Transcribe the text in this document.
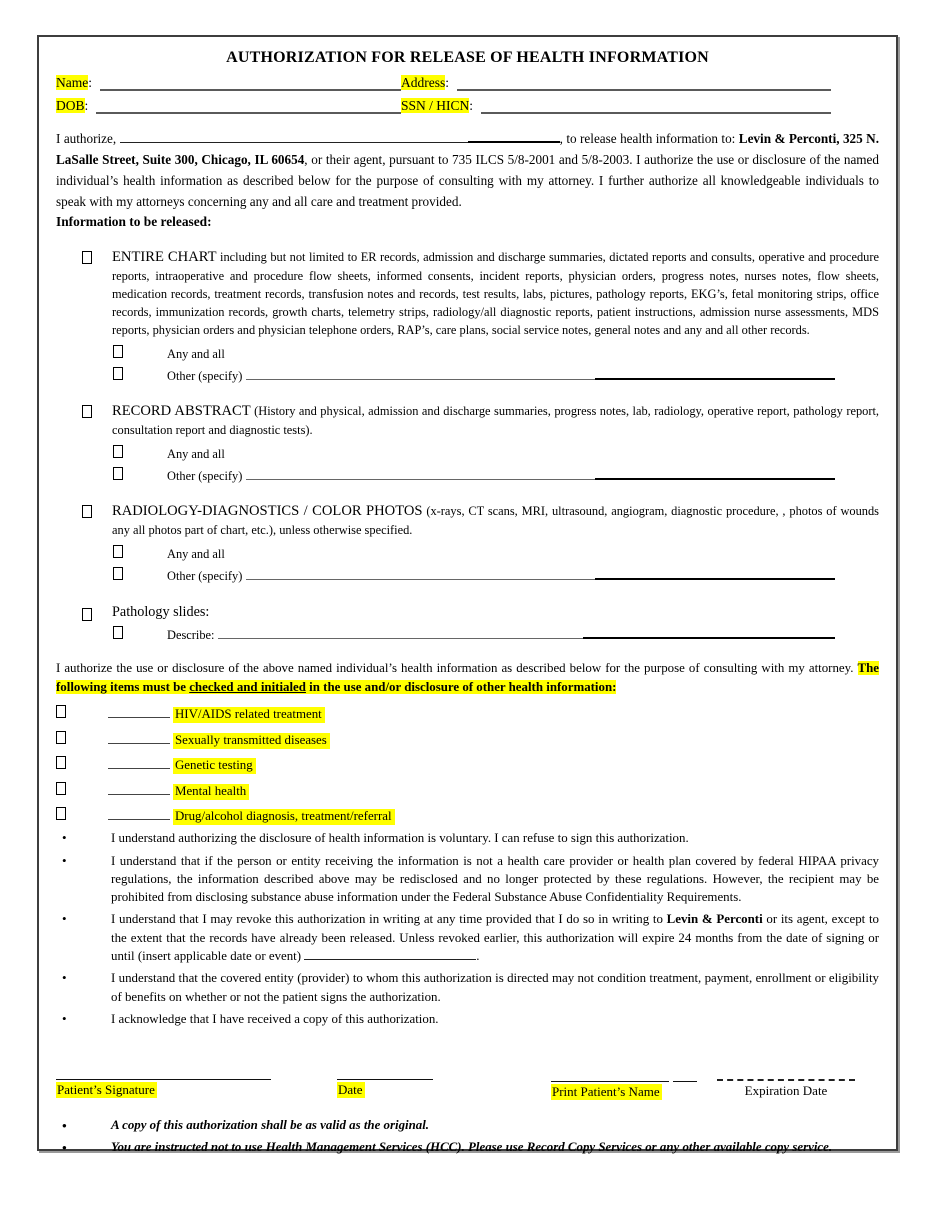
AUTHORIZATION FOR RELEASE OF HEALTH INFORMATION
Name:	Address:
DOB:	SSN / HICN:

I authorize,	, to release health information to: Levin & Perconti, 325 N. LaSalle Street, Suite 300, Chicago, IL 60654, or their agent, pursuant to 735 ILCS 5/8-2001 and 5/8-2003. I authorize the use or disclosure of the named individual’s health information as described below for the purpose of consulting with my attorney. I further authorize all knowledgeable individuals to speak with my attorneys concerning any and all care and treatment provided.

Information to be released:
ENTIRE CHART including but not limited to ER records, admission and discharge summaries, dictated reports and consults, operative and procedure reports, intraoperative and procedure flow sheets, informed consents, incident reports, physician orders, progress notes, nurses notes, flow sheets, medication records, treatment records, transfusion notes and records, test results, labs, pictures, pathology reports, EKG’s, fetal monitoring strips, office records, immunization records, growth charts, telemetry strips, radiology/all diagnostic reports, patient instructions, admission nurse assessments, MDS reports, physician orders and physician telephone orders, RAP’s, care plans, social service notes, general notes and any and all other records.
Any and all
Other (specify)
RECORD ABSTRACT (History and physical, admission and discharge summaries, progress notes, lab, radiology, operative report, pathology report, consultation report and diagnostic tests).
Any and all
Other (specify)
RADIOLOGY-DIAGNOSTICS / COLOR PHOTOS (x-rays, CT scans, MRI, ultrasound, angiogram, diagnostic procedure, , photos of wounds any all photos part of chart, etc.), unless otherwise specified.
Any and all
Other (specify)
Pathology slides:
Describe:

I authorize the use or disclosure of the above named individual’s health information as described below for the purpose of consulting with my attorney. The following items must be checked and initialed in the use and/or disclosure of other health information:

HIV/AIDS related treatment
Sexually transmitted diseases
Genetic testing
Mental health
Drug/alcohol diagnosis, treatment/referral
•	I understand authorizing the disclosure of health information is voluntary. I can refuse to sign this authorization.
•	I understand that if the person or entity receiving the information is not a health care provider or health plan covered by federal HIPAA privacy regulations, the information described above may be redisclosed and no longer protected by these regulations. However, the recipient may be prohibited from disclosing substance abuse information under the Federal Substance Abuse Confidentiality Requirements.
•	I understand that I may revoke this authorization in writing at any time provided that I do so in writing to Levin & Perconti or its agent, except to the extent that the records have already been released. Unless revoked earlier, this authorization will expire 24 months from the date of signing or until (insert applicable date or event)	.
•	I understand that the covered entity (provider) to whom this authorization is directed may not condition treatment, payment, enrollment or eligibility of benefits on whether or not the patient signs the authorization.
•	I acknowledge that I have received a copy of this authorization.
Patient’s Signature	Date	Print Patient’s Name	Expiration Date
•	A copy of this authorization shall be as valid as the original.
•	You are instructed not to use Health Management Services (HCC). Please use Record Copy Services or any other available copy service.
